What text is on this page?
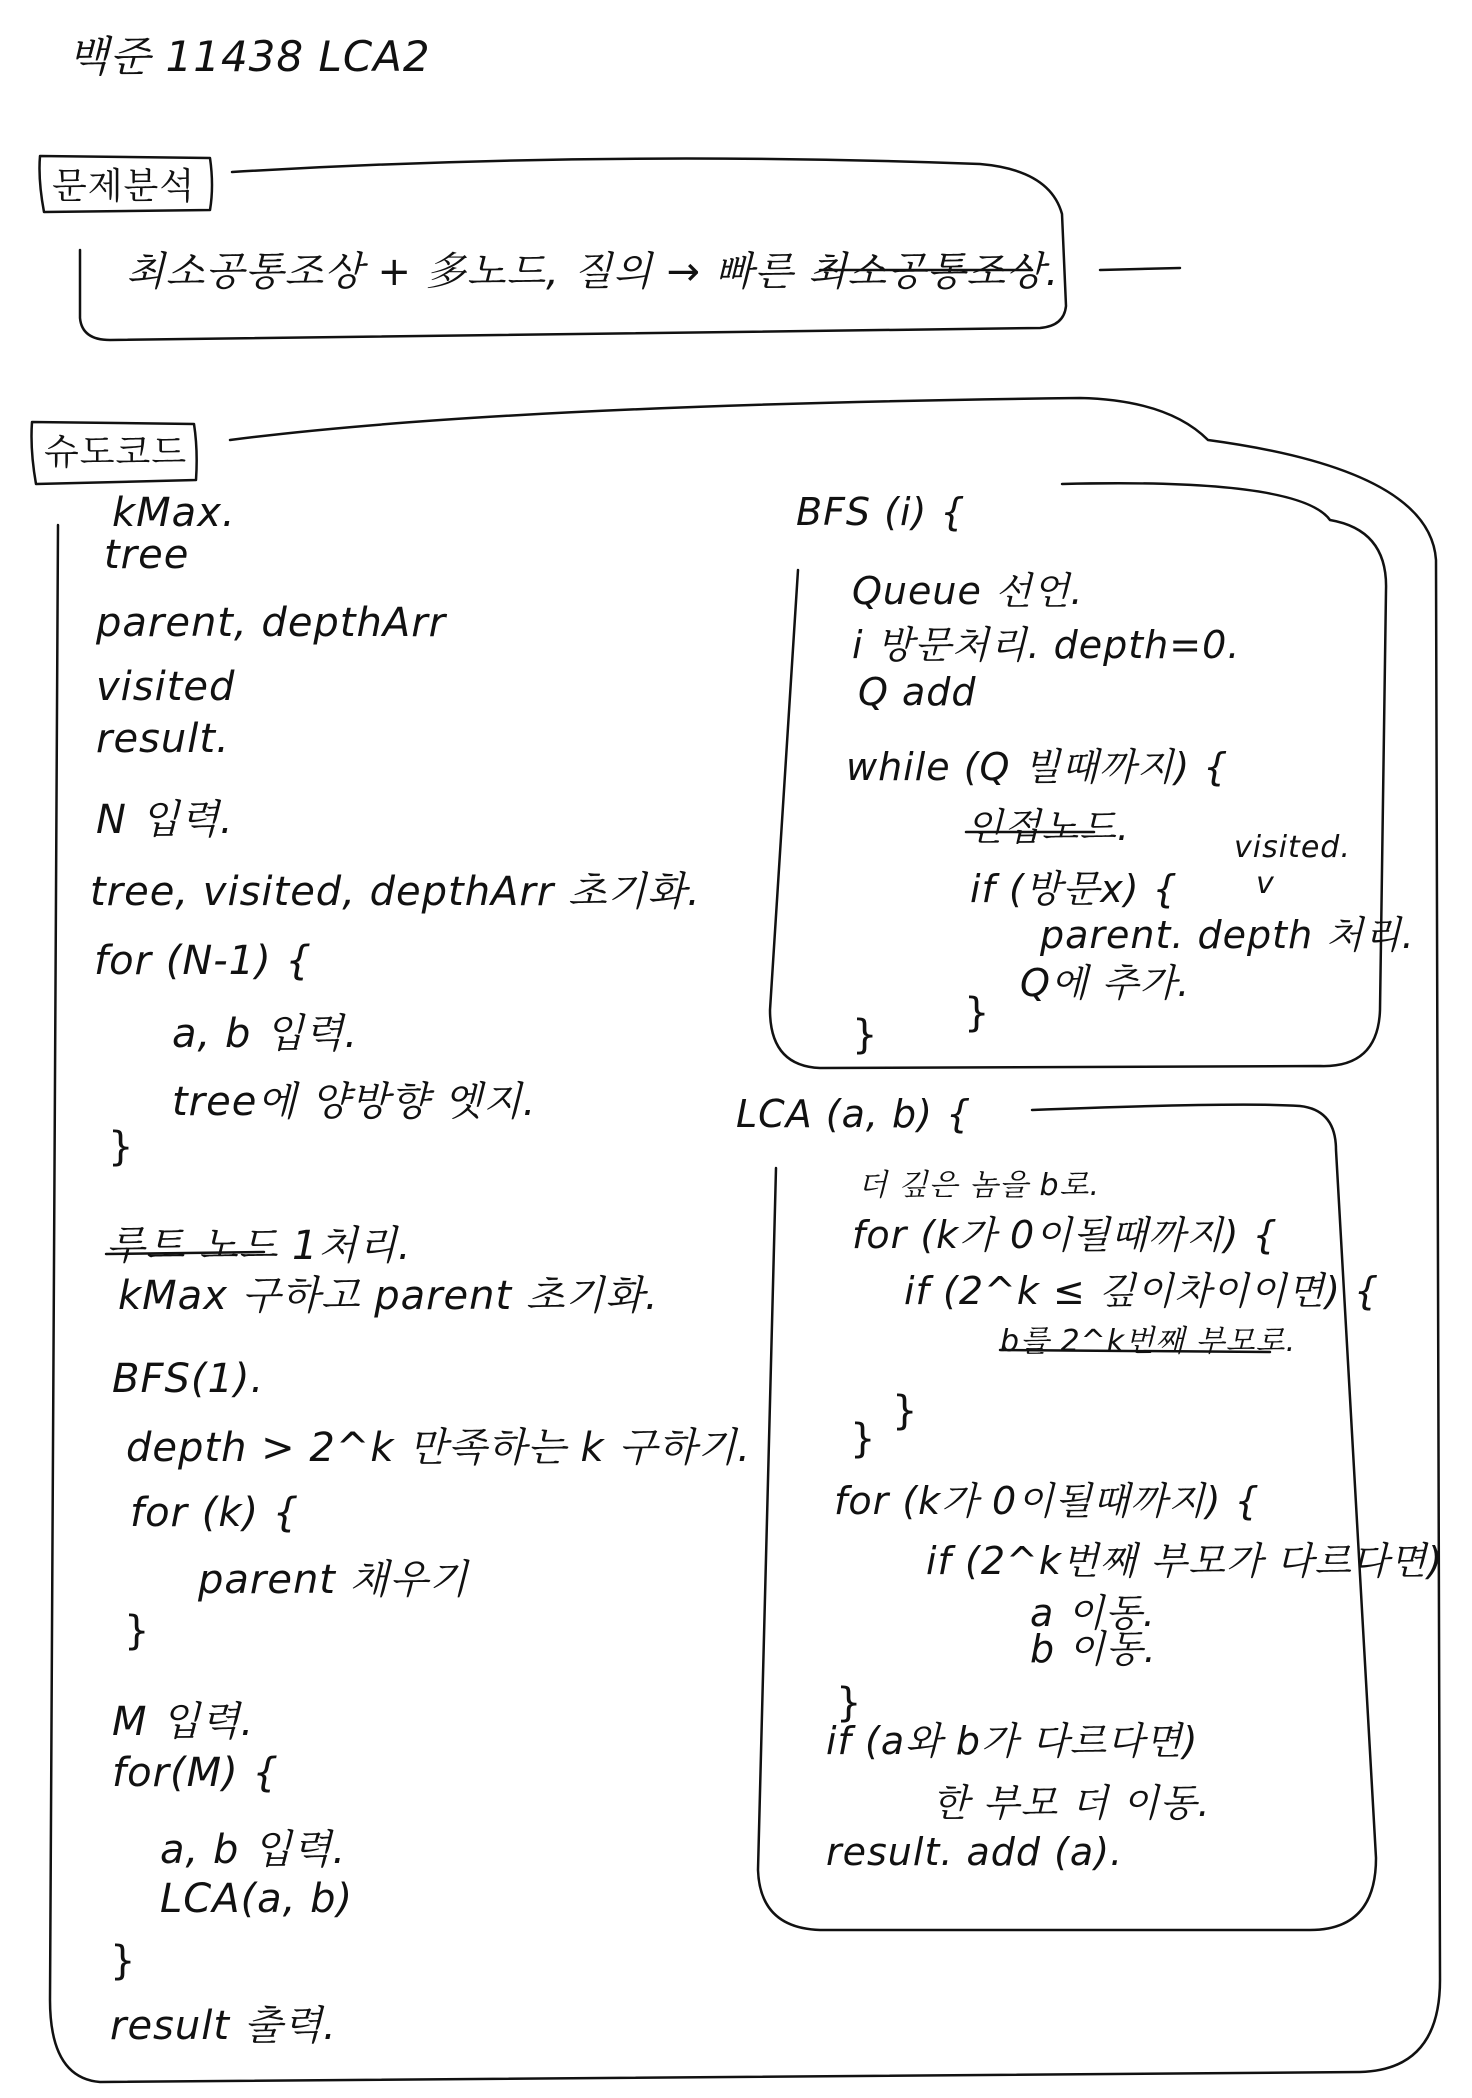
백준 11438 LCA2
문제분석
최소공통조상 + 多노드, 질의 → 빠른 최소공통조상.
슈도코드
kMax.
tree
parent, depthArr
visited
result.
N 입력.
tree, visited, depthArr 초기화.
for (N-1) {
a, b 입력.
tree에 양방향 엣지.
}
루트 노드 1처리.
kMax 구하고 parent 초기화.
BFS(1).
depth > 2^k 만족하는 k 구하기.
for (k) {
parent 채우기
}
M 입력.
for(M) {
a, b 입력.
LCA(a, b)
}
result 출력.
BFS (i) {
Queue 선언.
i 방문처리. depth=0.
Q add
while (Q 빌때까지) {
인접노드.
if (방문x) {
visited.
v
parent. depth 처리.
Q에 추가.
}
}
LCA (a, b) {
더 깊은 놈을 b로.
for (k가 0이될때까지) {
if (2^k ≤ 깊이차이이면) {
b를 2^k번째 부모로.
}
}
for (k가 0이될때까지) {
if (2^k번째 부모가 다르다면)
a 이동.
b 이동.
}
if (a와 b가 다르다면)
한 부모 더 이동.
result. add (a).
